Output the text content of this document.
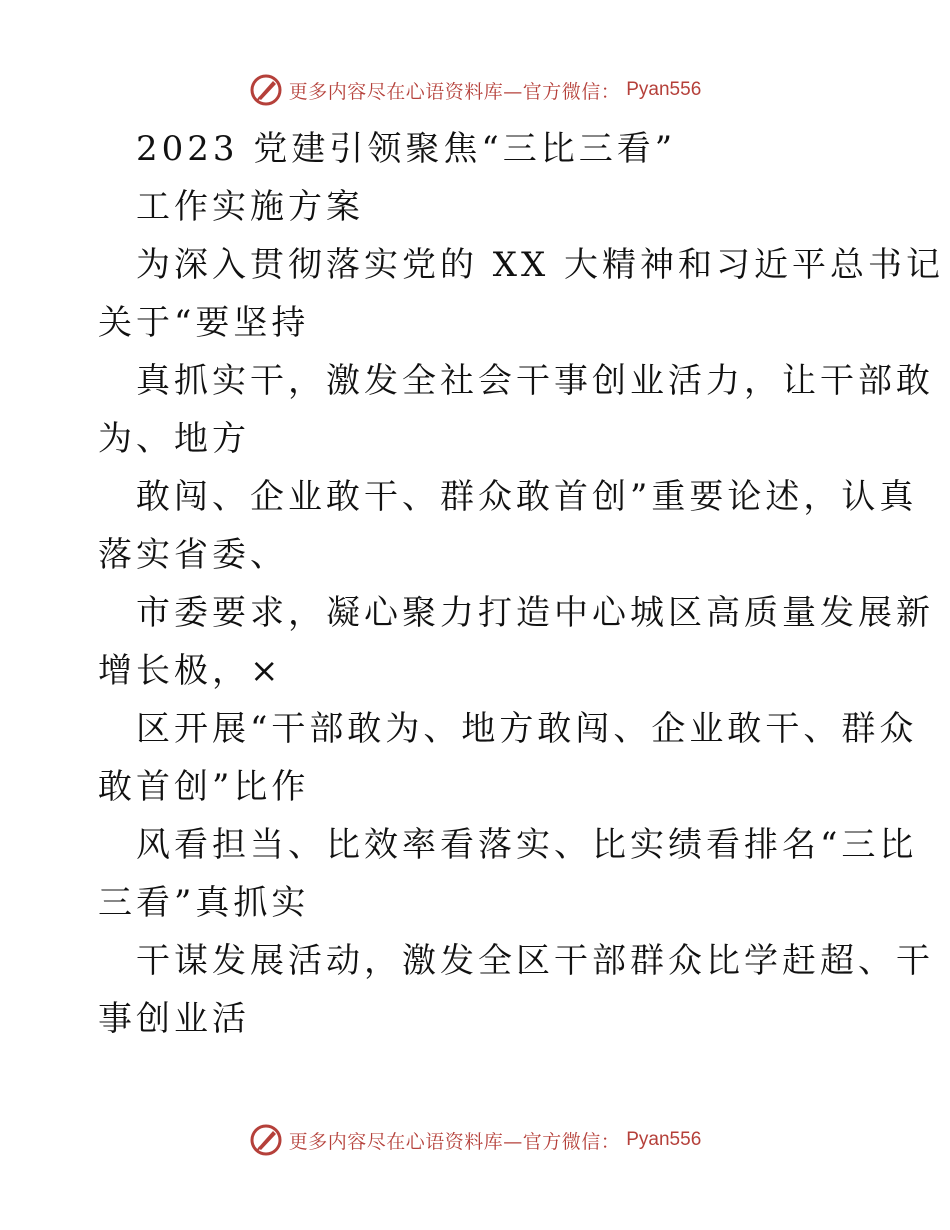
更多内容尽在心语资料库—官方微信： Pyan556

2023 党建引领聚焦“三比三看”

工作实施方案

为深入贯彻落实党的 XX 大精神和习近平总书记

关于“要坚持

真抓实干，激发全社会干事创业活力，让干部敢

为、地方

敢闯、企业敢干、群众敢首创”重要论述，认真

落实省委、

市委要求，凝心聚力打造中心城区高质量发展新

增长极，×

区开展“干部敢为、地方敢闯、企业敢干、群众

敢首创”比作

风看担当、比效率看落实、比实绩看排名“三比

三看”真抓实

干谋发展活动，激发全区干部群众比学赶超、干

事创业活

更多内容尽在心语资料库—官方微信： Pyan556
